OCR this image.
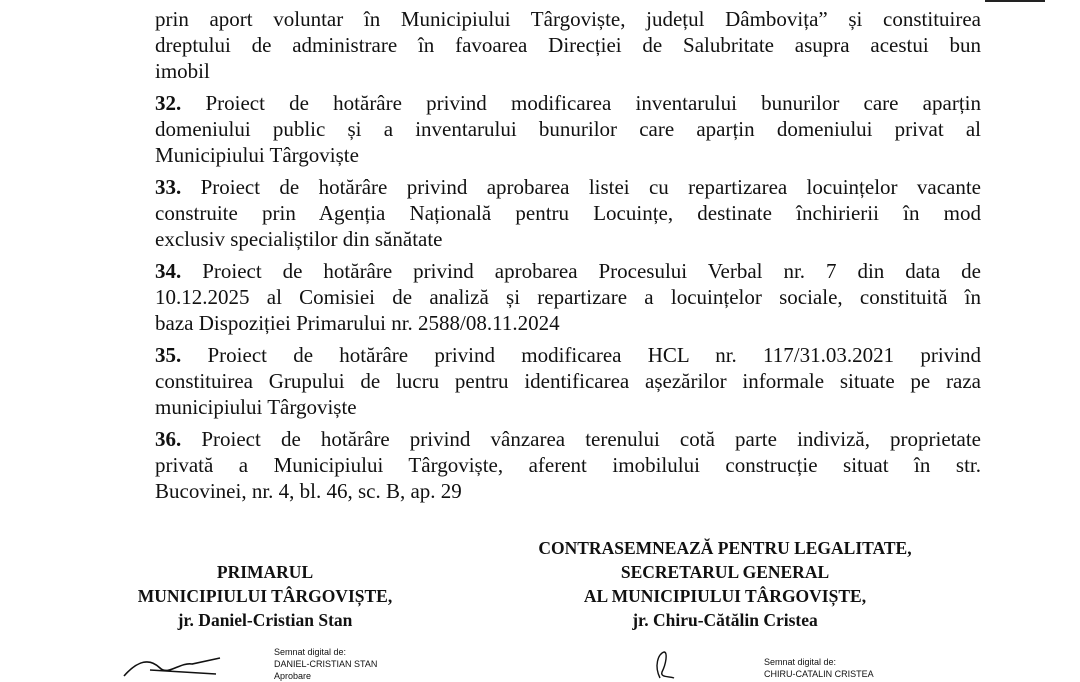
prin aport voluntar în Municipiului Târgoviște, județul Dâmbovița” și constituirea
dreptului de administrare în favoarea Direcției de Salubritate asupra acestui bun
imobil
32. Proiect de hotărâre privind modificarea inventarului bunurilor care aparțin
domeniului public și a inventarului bunurilor care aparțin domeniului privat al
Municipiului Târgoviște
33. Proiect de hotărâre privind aprobarea listei cu repartizarea locuințelor vacante
construite prin Agenția Națională pentru Locuințe, destinate închirierii în mod
exclusiv specialiștilor din sănătate
34. Proiect de hotărâre privind aprobarea Procesului Verbal nr. 7 din data de
10.12.2025 al Comisiei de analiză și repartizare a locuințelor sociale, constituită în
baza Dispoziției Primarului nr. 2588/08.11.2024
35. Proiect de hotărâre privind modificarea HCL nr. 117/31.03.2021 privind
constituirea Grupului de lucru pentru identificarea așezărilor informale situate pe raza
municipiului Târgoviște
36. Proiect de hotărâre privind vânzarea terenului cotă parte indiviză, proprietate
privată a Municipiului Târgoviște, aferent imobilului construcție situat în str.
Bucovinei, nr. 4, bl. 46, sc. B, ap. 29
PRIMARUL
MUNICIPIULUI TÂRGOVIȘTE,
jr. Daniel-Cristian Stan
CONTRASEMNEAZĂ PENTRU LEGALITATE,
SECRETARUL GENERAL
AL MUNICIPIULUI TÂRGOVIȘTE,
jr. Chiru-Cătălin Cristea
Semnat digital de:
DANIEL-CRISTIAN STAN
Aprobare
Semnat digital de:
CHIRU-CATALIN CRISTEA
